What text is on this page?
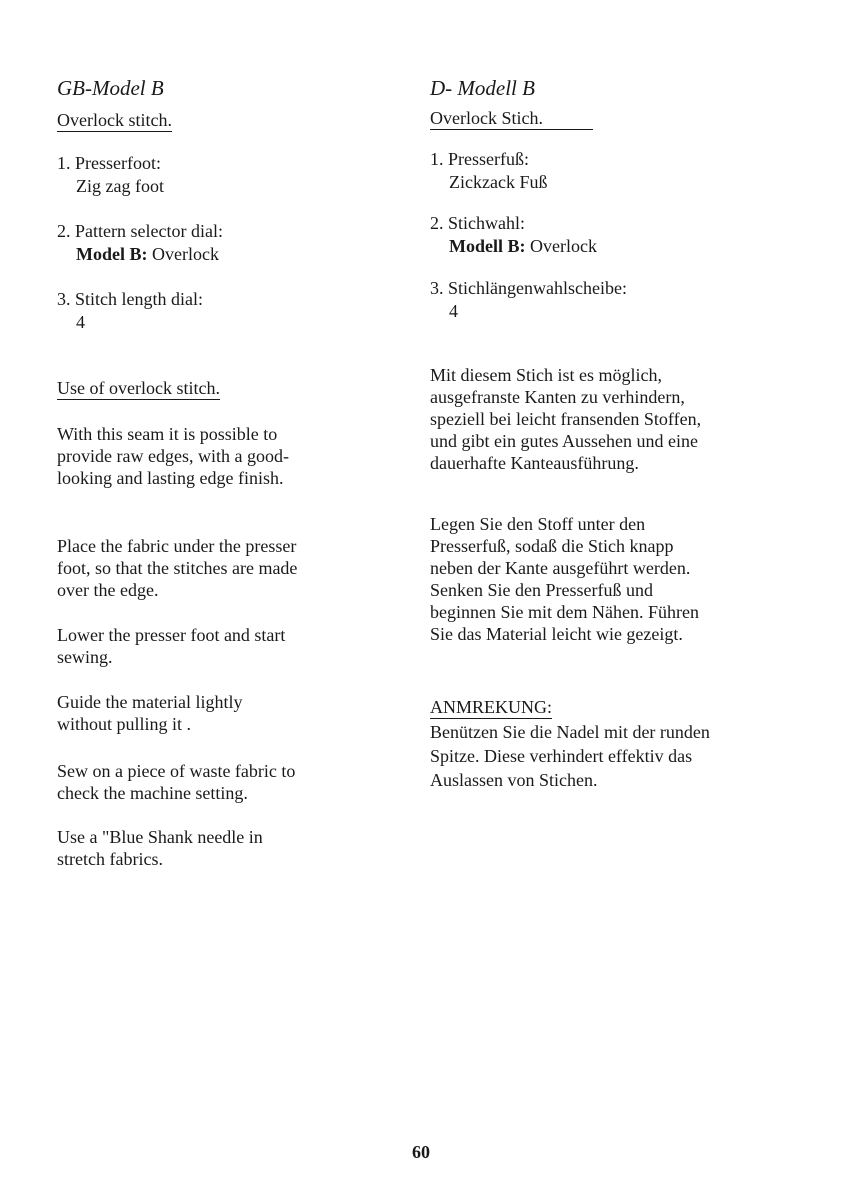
GB-Model B

Overlock stitch.

1. Presserfoot:
Zig zag foot
2. Pattern selector dial:
Model B: Overlock
3. Stitch length dial:
4

Use of overlock stitch.

With this seam it is possible to provide raw edges, with a good-looking and lasting edge finish.

Place the fabric under the presser foot, so that the stitches are made over the edge.

Lower the presser foot and start sewing.

Guide the material lightly without pulling it .

Sew on a piece of waste fabric to check the machine setting.

Use a "Blue Shank needle in stretch fabrics.

D- Modell B

Overlock Stich.

1. Presserfuß:
Zickzack Fuß
2. Stichwahl:
Modell B: Overlock
3. Stichlängenwahlscheibe:
4

Mit diesem Stich ist es möglich, ausgefranste Kanten zu verhindern, speziell bei leicht fransenden Stoffen, und gibt ein gutes Aussehen und eine dauerhafte Kanteausführung.

Legen Sie den Stoff unter den Presserfuß, sodaß die Stich knapp neben der Kante ausgeführt werden. Senken Sie den Presserfuß und beginnen Sie mit dem Nähen. Führen Sie das Material leicht wie gezeigt.

ANMREKUNG:

Benützen Sie die Nadel mit der runden Spitze. Diese verhindert effektiv das Auslassen von Stichen.

60
